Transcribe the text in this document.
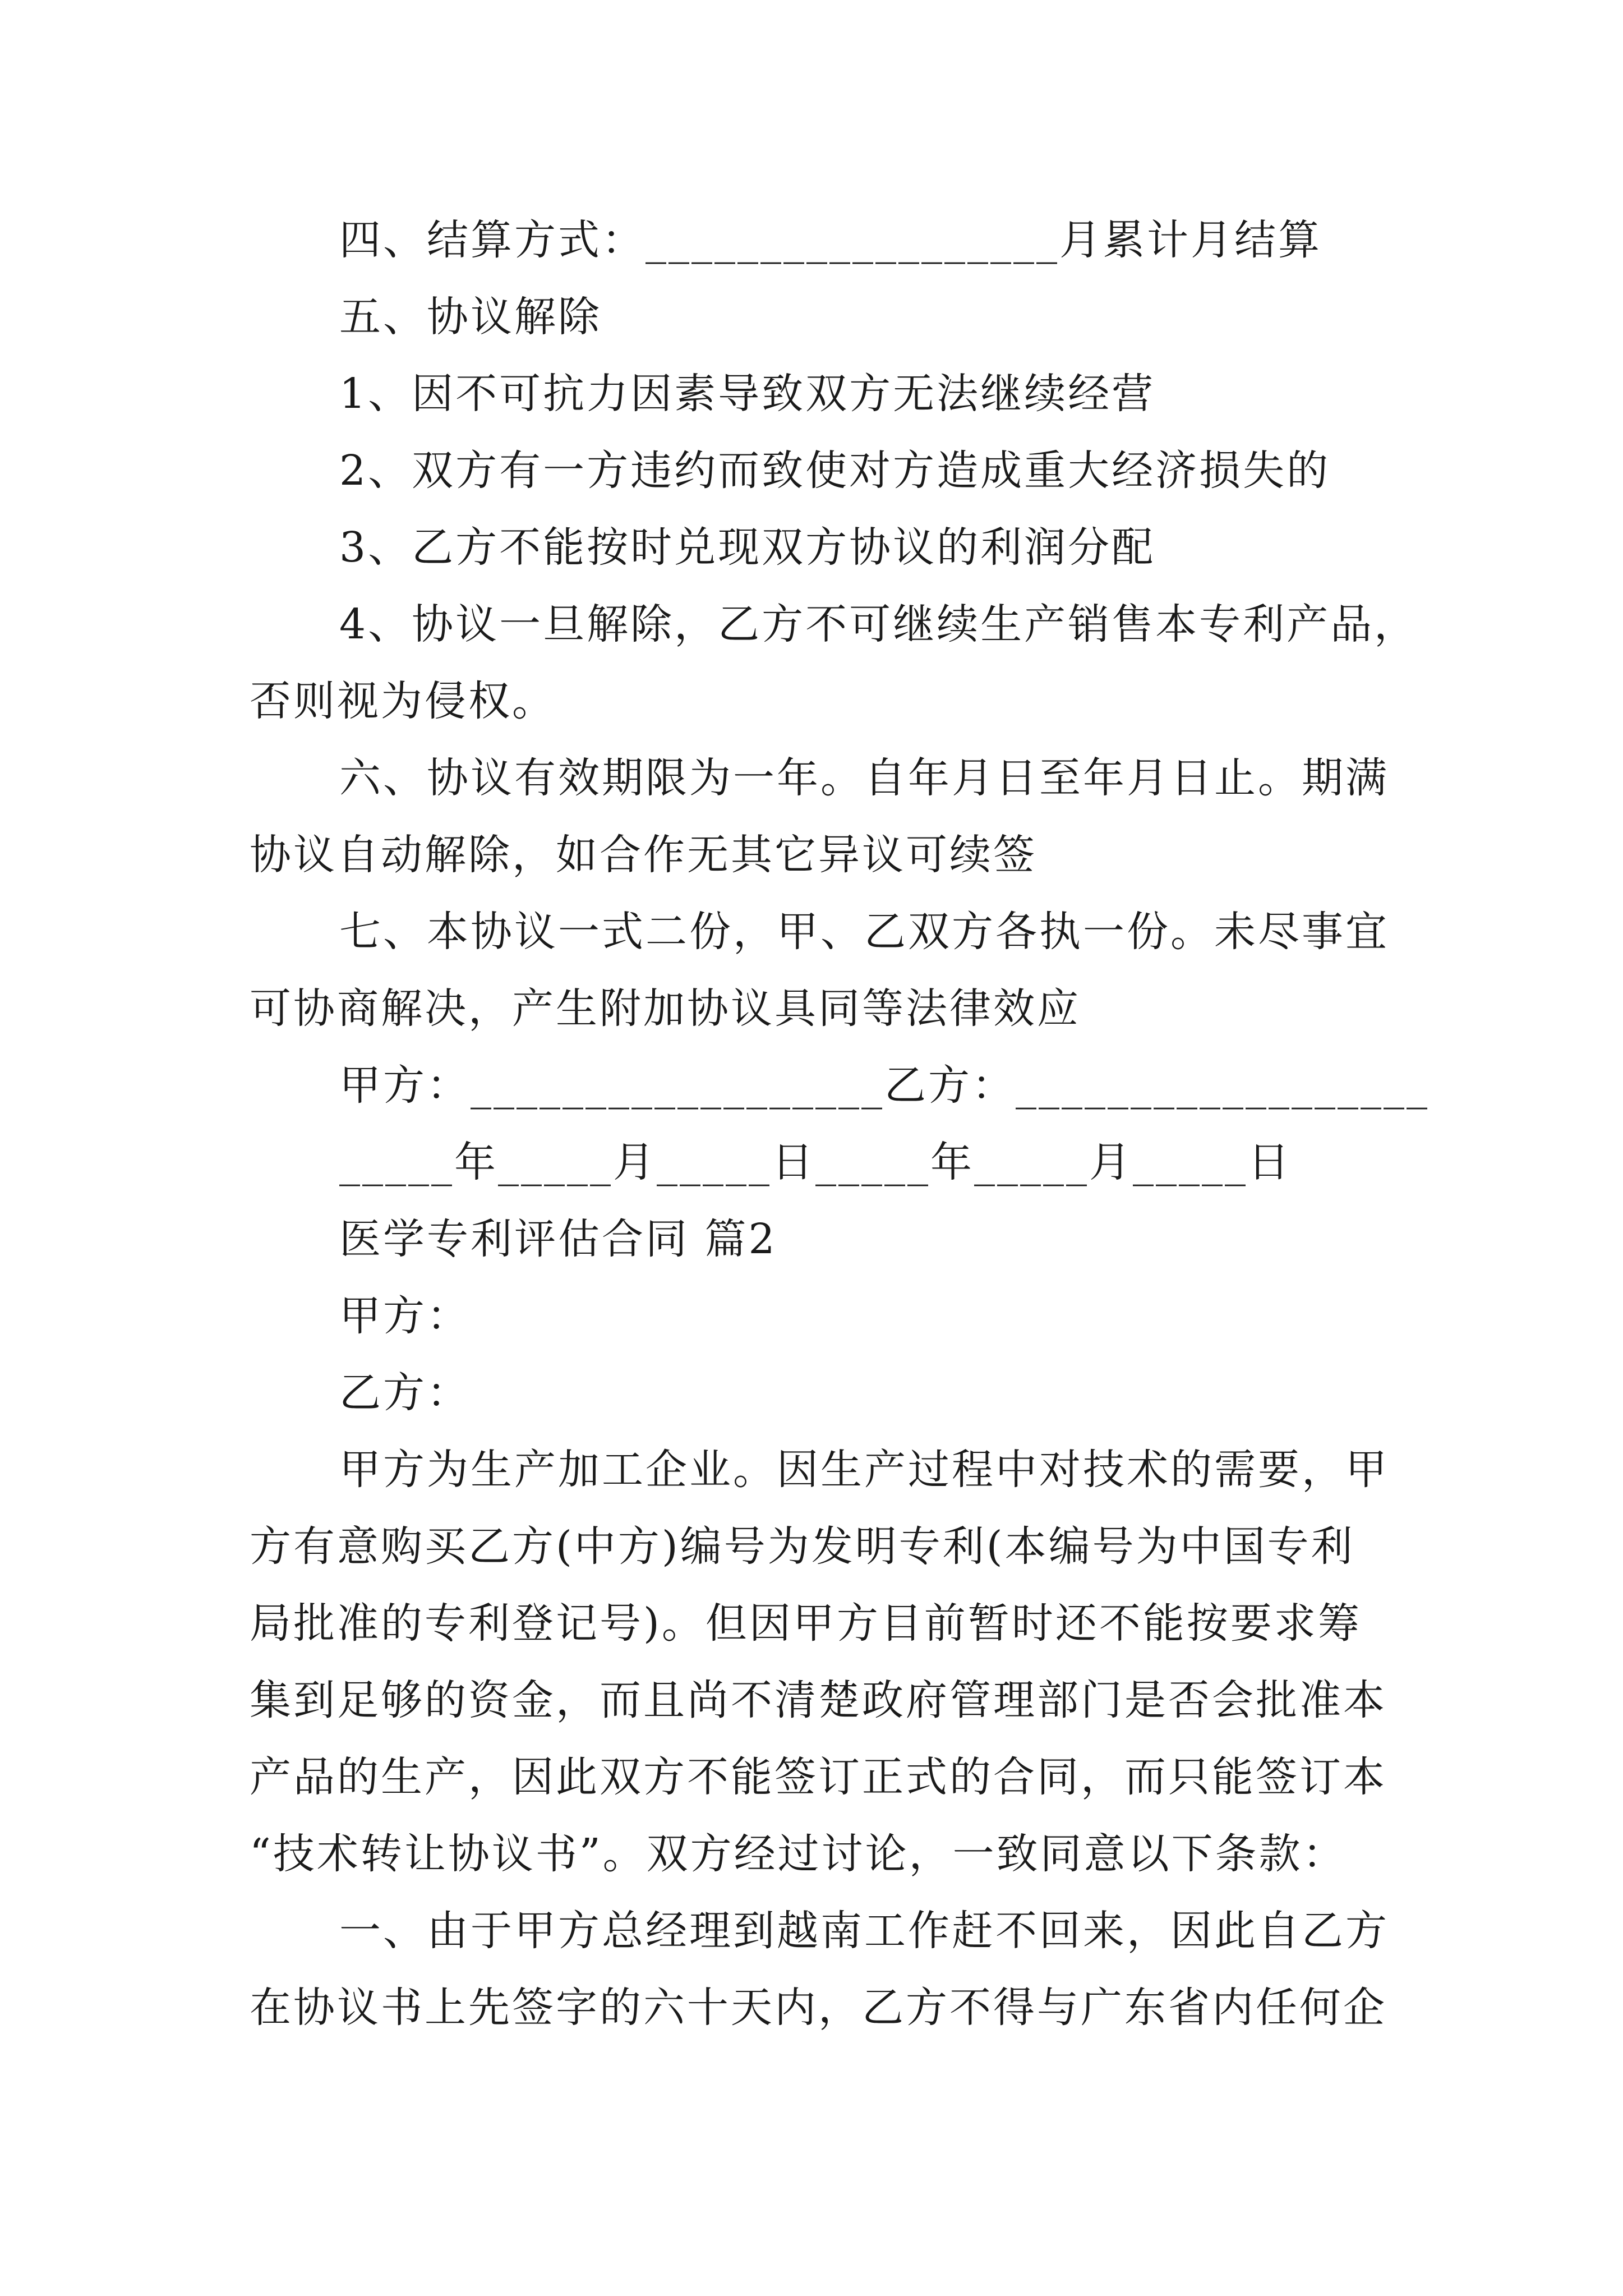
四、结算方式：__________________月累计月结算
五、协议解除
1、因不可抗力因素导致双方无法继续经营
2、双方有一方违约而致使对方造成重大经济损失的
3、乙方不能按时兑现双方协议的利润分配
4、协议一旦解除，乙方不可继续生产销售本专利产品，
否则视为侵权。
六、协议有效期限为一年。自年月日至年月日止。期满
协议自动解除，如合作无其它异议可续签
七、本协议一式二份，甲、乙双方各执一份。未尽事宜
可协商解决，产生附加协议具同等法律效应
甲方：__________________乙方：__________________
_____年_____月_____日_____年_____月_____日
医学专利评估合同 篇2
甲方：
乙方：
甲方为生产加工企业。因生产过程中对技术的需要，甲
方有意购买乙方(中方)编号为发明专利(本编号为中国专利
局批准的专利登记号)。但因甲方目前暂时还不能按要求筹
集到足够的资金，而且尚不清楚政府管理部门是否会批准本
产品的生产，因此双方不能签订正式的合同，而只能签订本
“技术转让协议书”。双方经过讨论，一致同意以下条款：
一、由于甲方总经理到越南工作赶不回来，因此自乙方
在协议书上先签字的六十天内，乙方不得与广东省内任何企
